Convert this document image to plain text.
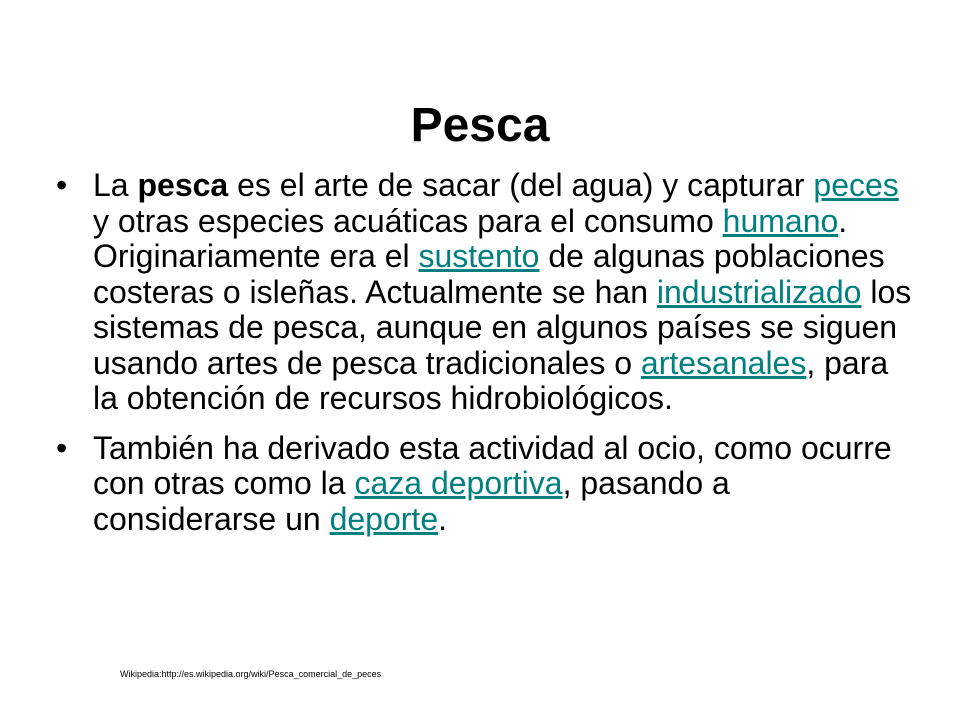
Pesca
• La pesca es el arte de sacar (del agua) y capturar peces y otras especies acuáticas para el consumo humano. Originariamente era el sustento de algunas poblaciones costeras o isleñas. Actualmente se han industrializado los sistemas de pesca, aunque en algunos países se siguen usando artes de pesca tradicionales o artesanales, para la obtención de recursos hidrobiológicos.
• También ha derivado esta actividad al ocio, como ocurre con otras como la caza deportiva, pasando a considerarse un deporte.
Wikipedia:http://es.wikipedia.org/wiki/Pesca_comercial_de_peces
